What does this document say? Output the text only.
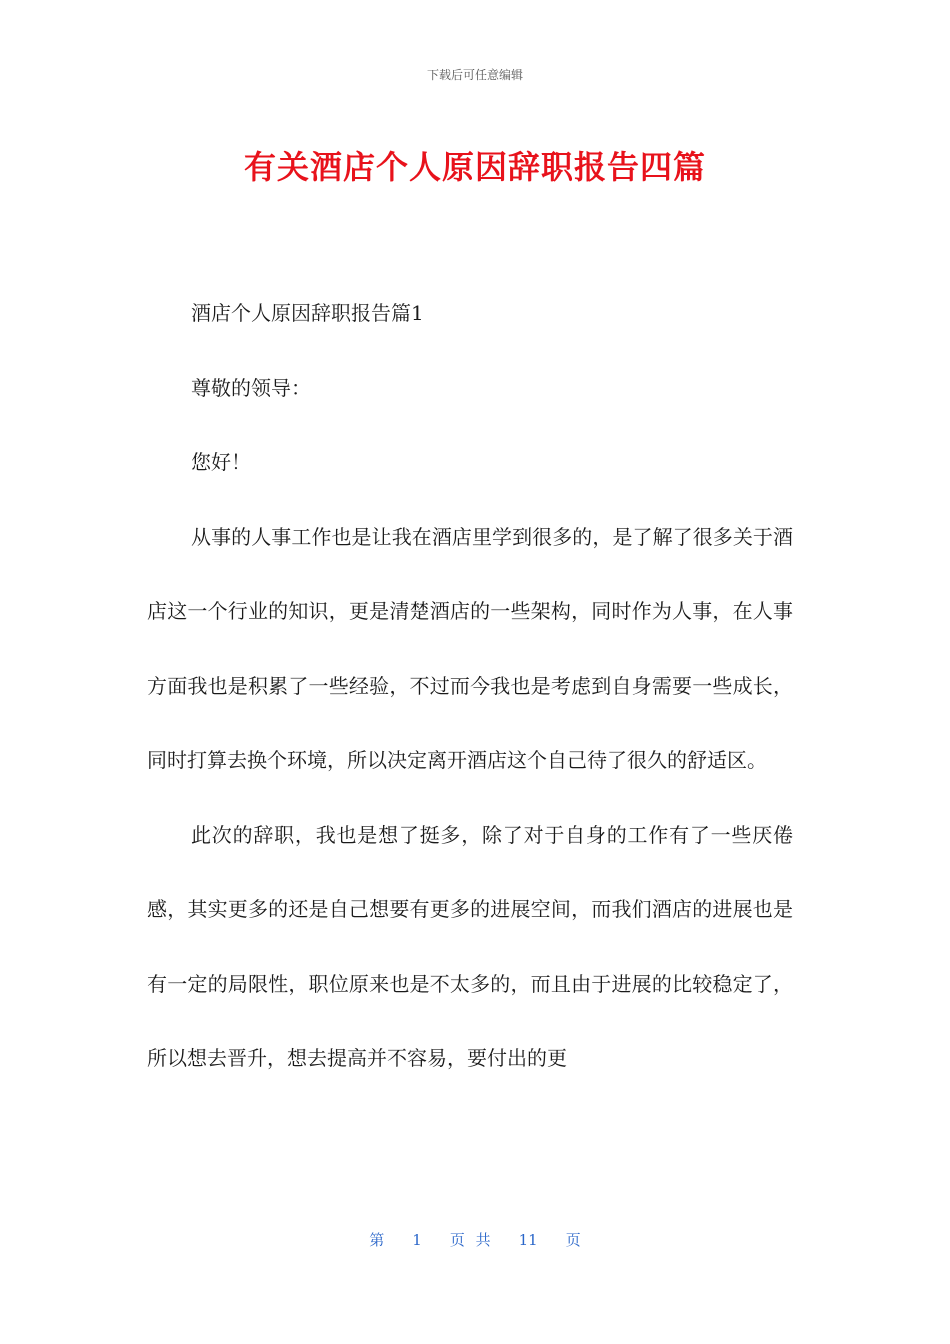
下载后可任意编辑
有关酒店个人原因辞职报告四篇

酒店个人原因辞职报告篇1

尊敬的领导：

您好！

从事的人事工作也是让我在酒店里学到很多的，是了解了很多关于酒店这一个行业的知识，更是清楚酒店的一些架构，同时作为人事，在人事方面我也是积累了一些经验，不过而今我也是考虑到自身需要一些成长，同时打算去换个环境，所以决定离开酒店这个自己待了很久的舒适区。

此次的辞职，我也是想了挺多，除了对于自身的工作有了一些厌倦感，其实更多的还是自己想要有更多的进展空间，而我们酒店的进展也是有一定的局限性，职位原来也是不太多的，而且由于进展的比较稳定了，所以想去晋升，想去提高并不容易，要付出的更

第 1 页 共 11 页
